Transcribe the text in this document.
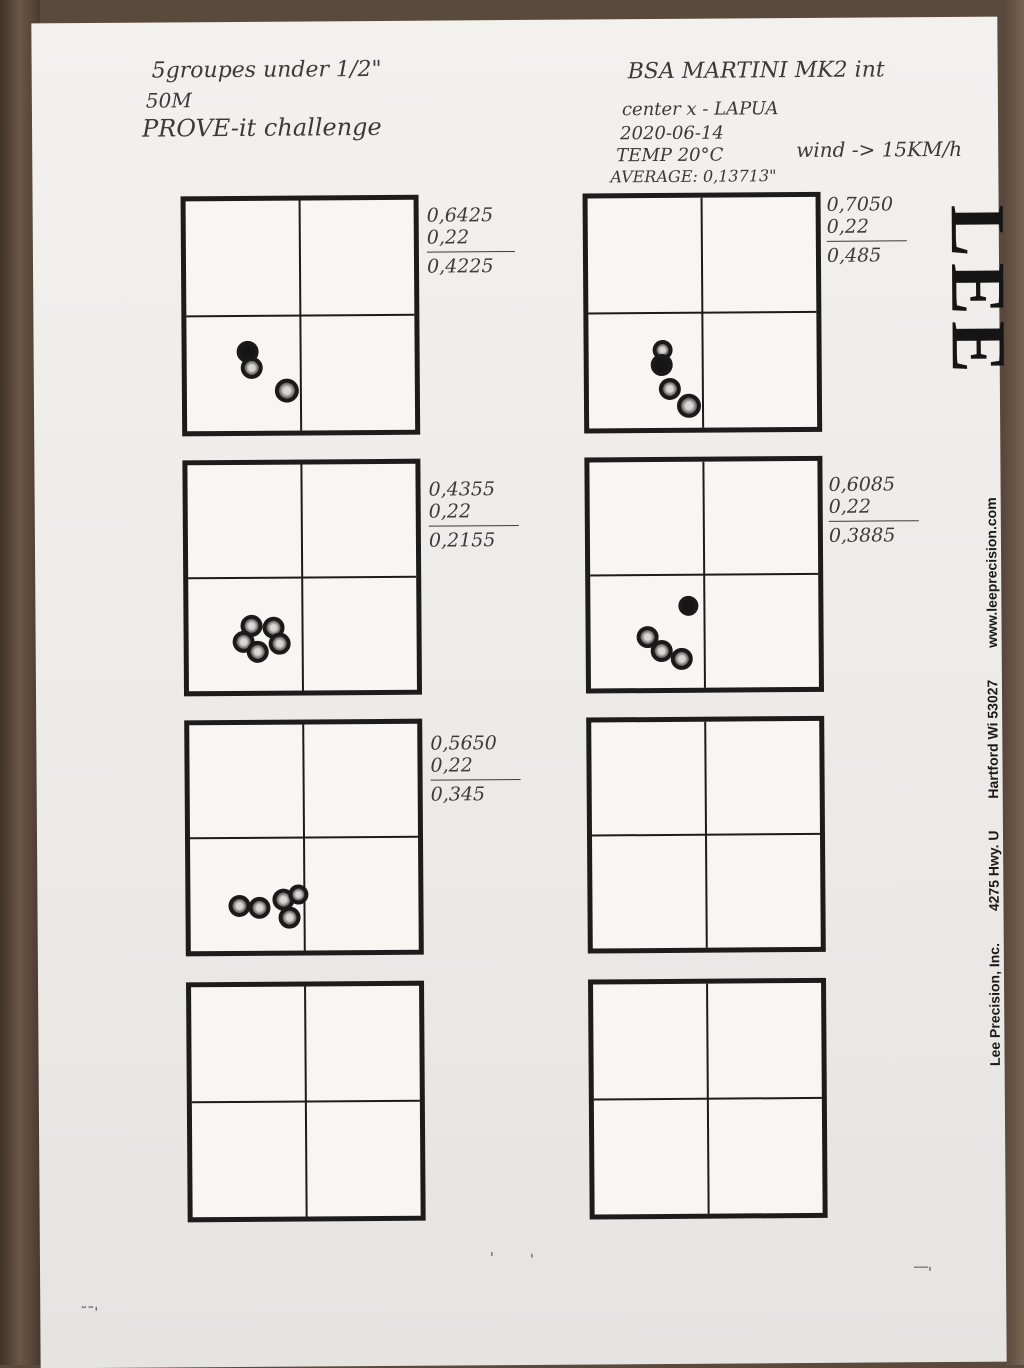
5groupes under 1/2"
50M
PROVE-it challenge
BSA MARTINI MK2 int
center x - LAPUA
2020-06-14
TEMP 20°C	wind -> 15KM/h
AVERAGE: 0,13713"
0,6425
0,22
0,4225
0,7050
0,22
0,485
0,4355
0,22
0,2155
0,6085
0,22
0,3885
0,5650
0,22
0,345
LEE
Lee Precision, Inc. 4275 Hwy. U Hartford Wi 53027 www.leeprecision.com
'	'
‾‾'
˜˜'
